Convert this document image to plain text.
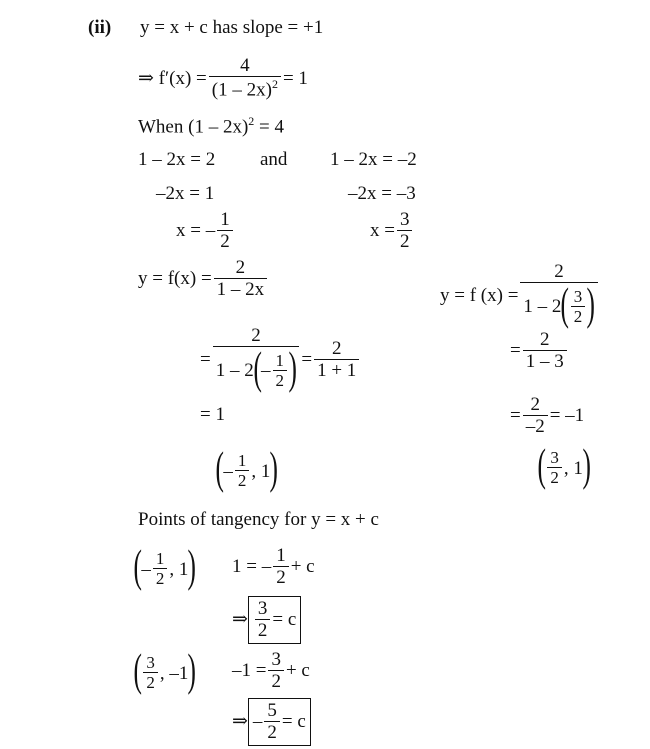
(ii) y = x + c has slope = +1
⇒ $f'(x) = \frac{4}{(1 - 2x)^2} = 1$
When (1 – 2x)$^2$ = 4
1 – 2x = 2 and 1 – 2x = –2
–2x = 1	–2x = –3
x = – $\frac{1}{2}$	$x = \frac{3}{2}$
$y = f(x) = \frac{2}{1 - 2x}$
= $\frac{2}{1 - 2 ( - \frac{1}{2} )} = \frac{2}{1 + 1}$
= 1
( – $\frac{1}{2}$ , 1 )
y = f $(x) = \frac{2}{1 - 2 ( \frac{3}{2} )}$
= $\frac{2}{1 - 3}$
= $\frac{2}{-2} = -1$
( $\frac{3}{2}$ , 1 )
Points of tangency for y = x + c
( – $\frac{1}{2}$ , 1 ) 1 = – $\frac{1}{2} + c$
⇒ $\frac{3}{2} = c$
( $\frac{3}{2}$ , –1 ) $-1 = \frac{3}{2} + c$
⇒ – $\frac{5}{2} = c$
